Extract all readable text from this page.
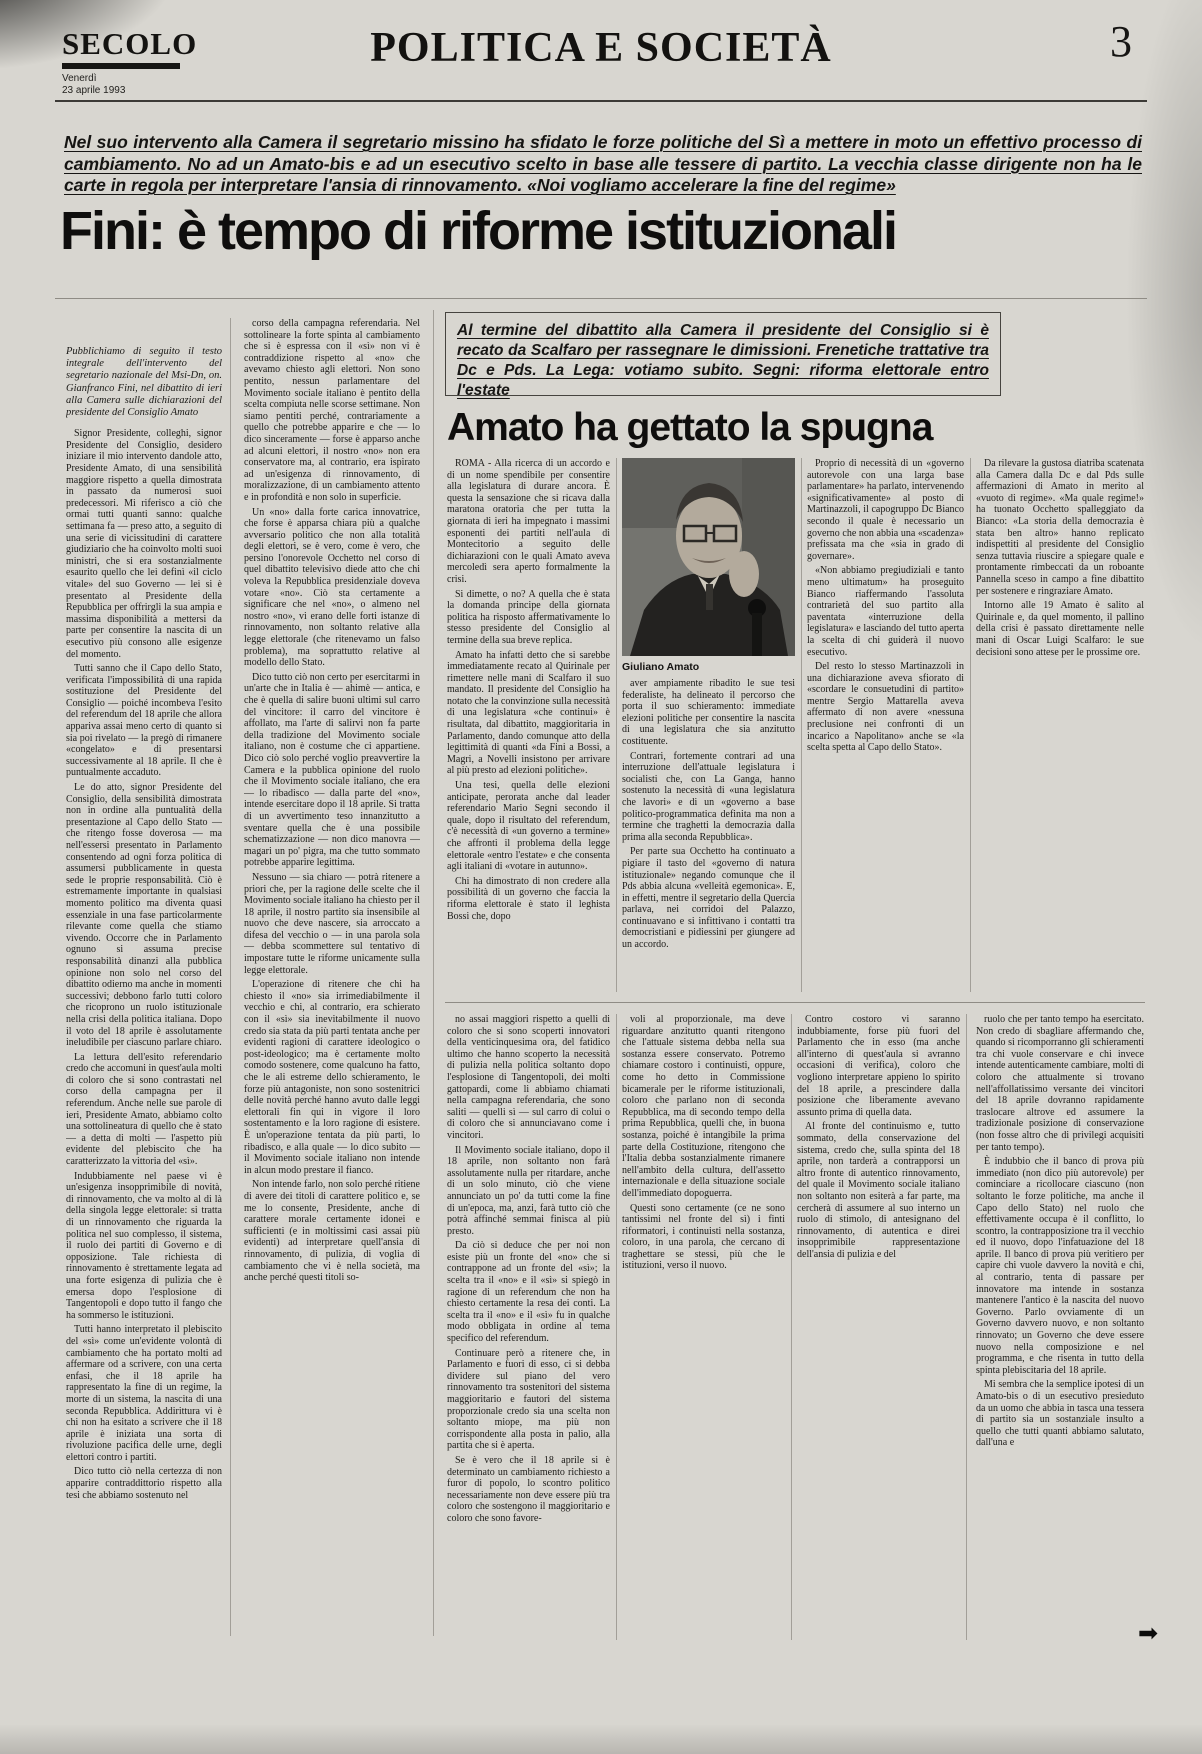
SECOLO
Venerdì
23 aprile 1993
POLITICA E SOCIETÀ	3

Nel suo intervento alla Camera il segretario missino ha sfidato le forze politiche del Sì a mettere in moto un effettivo processo di cambiamento. No ad un Amato-bis e ad un esecutivo scelto in base alle tessere di partito. La vecchia classe dirigente non ha le carte in regola per interpretare l'ansia di rinnovamento. «Noi vogliamo accelerare la fine del regime»

Fini: è tempo di riforme istituzionali

Pubblichiamo di seguito il testo integrale dell'intervento del segretario nazionale del Msi-Dn, on. Gianfranco Fini, nel dibattito di ieri alla Camera sulle dichiarazioni del presidente del Consiglio Amato

Signor Presidente, colleghi, signor Presidente del Consiglio, desidero iniziare il mio intervento dandole atto, Presidente Amato, di una sensibilità maggiore rispetto a quella dimostrata in passato da numerosi suoi predecessori. Mi riferisco a ciò che ormai tutti quanti sanno: qualche settimana fa — preso atto, a seguito di una serie di vicissitudini di carattere giudiziario che ha coinvolto molti suoi ministri, che si era sostanzialmente esaurito quello che lei definì «il ciclo vitale» del suo Governo — lei si è presentato al Presidente della Repubblica per offrirgli la sua ampia e massima disponibilità a mettersi da parte per consentire la nascita di un esecutivo più consono alle esigenze del momento.

Tutti sanno che il Capo dello Stato, verificata l'impossibilità di una rapida sostituzione del Presidente del Consiglio — poiché incombeva l'esito del referendum del 18 aprile che allora appariva assai meno certo di quanto si sia poi rivelato — la pregò di rimanere «congelato» e di presentarsi successivamente al 18 aprile. Il che è puntualmente accaduto.

Le do atto, signor Presidente del Consiglio, della sensibilità dimostrata non in ordine alla puntualità della presentazione al Capo dello Stato — che ritengo fosse doverosa — ma nell'essersi presentato in Parlamento consentendo ad ogni forza politica di assumersi pubblicamente in questa sede le proprie responsabilità. Ciò è estremamente importante in qualsiasi momento politico ma diventa quasi essenziale in una fase particolarmente rilevante come quella che stiamo vivendo. Occorre che in Parlamento ognuno si assuma precise responsabilità dinanzi alla pubblica opinione non solo nel corso del dibattito odierno ma anche in momenti successivi; debbono farlo tutti coloro che ricoprono un ruolo istituzionale nella crisi della politica italiana. Dopo il voto del 18 aprile è assolutamente ineludibile per ciascuno parlare chiaro.

La lettura dell'esito referendario credo che accomuni in quest'aula molti di coloro che si sono contrastati nel corso della campagna per il referendum. Anche nelle sue parole di ieri, Presidente Amato, abbiamo colto una sottolineatura di quello che è stato — a detta di molti — l'aspetto più evidente del plebiscito che ha caratterizzato la vittoria del «sì».

Indubbiamente nel paese vi è un'esigenza insopprimibile di novità, di rinnovamento, che va molto al di là della singola legge elettorale: si tratta di un rinnovamento che riguarda la politica nel suo complesso, il sistema, il ruolo dei partiti di Governo e di opposizione. Tale richiesta di rinnovamento è strettamente legata ad una forte esigenza di pulizia che è emersa dopo l'esplosione di Tangentopoli e dopo tutto il fango che ha sommerso le istituzioni.

Tutti hanno interpretato il plebiscito del «sì» come un'evidente volontà di cambiamento che ha portato molti ad affermare od a scrivere, con una certa enfasi, che il 18 aprile ha rappresentato la fine di un regime, la morte di un sistema, la nascita di una seconda Repubblica. Addirittura vi è chi non ha esitato a scrivere che il 18 aprile è iniziata una sorta di rivoluzione pacifica delle urne, degli elettori contro i partiti.

Dico tutto ciò nella certezza di non apparire contraddittorio rispetto alla tesi che abbiamo sostenuto nel

corso della campagna referendaria. Nel sottolineare la forte spinta al cambiamento che si è espressa con il «sì» non vi è contraddizione rispetto al «no» che avevamo chiesto agli elettori. Non sono pentito, nessun parlamentare del Movimento sociale italiano è pentito della scelta compiuta nelle scorse settimane. Non siamo pentiti perché, contrariamente a quello che potrebbe apparire e che — lo dico sinceramente — forse è apparso anche ad alcuni elettori, il nostro «no» non era conservatore ma, al contrario, era ispirato ad un'esigenza di rinnovamento, di moralizzazione, di un cambiamento attento e in profondità e non solo in superficie.

Un «no» dalla forte carica innovatrice, che forse è apparsa chiara più a qualche avversario politico che non alla totalità degli elettori, se è vero, come è vero, che persino l'onorevole Occhetto nel corso di quel dibattito televisivo diede atto che chi voleva la Repubblica presidenziale doveva votare «no». Ciò sta certamente a significare che nel «no», o almeno nel nostro «no», vi erano delle forti istanze di rinnovamento, non soltanto relative alla legge elettorale (che ritenevamo un falso problema), ma soprattutto relative al modello dello Stato.

Dico tutto ciò non certo per esercitarmi in un'arte che in Italia è — ahimè — antica, e che è quella di salire buoni ultimi sul carro del vincitore: il carro del vincitore è affollato, ma l'arte di salirvi non fa parte della tradizione del Movimento sociale italiano, non è costume che ci appartiene. Dico ciò solo perché voglio preavvertire la Camera e la pubblica opinione del ruolo che il Movimento sociale italiano, che era — lo ribadisco — dalla parte del «no», intende esercitare dopo il 18 aprile. Si tratta di un avvertimento teso innanzitutto a sventare quella che è una possibile schematizzazione — non dico manovra — magari un po' pigra, ma che tutto sommato potrebbe apparire legittima.

Nessuno — sia chiaro — potrà ritenere a priori che, per la ragione delle scelte che il Movimento sociale italiano ha chiesto per il 18 aprile, il nostro partito sia insensibile al nuovo che deve nascere, sia arroccato a difesa del vecchio o — in una parola sola — debba scommettere sul tentativo di impostare tutte le riforme unicamente sulla legge elettorale.

L'operazione di ritenere che chi ha chiesto il «no» sia irrimediabilmente il vecchio e chi, al contrario, era schierato con il «sì» sia inevitabilmente il nuovo credo sia stata da più parti tentata anche per evidenti ragioni di carattere ideologico o post-ideologico; ma è certamente molto comodo sostenere, come qualcuno ha fatto, che le ali estreme dello schieramento, le forze più antagoniste, non sono sostenitrici delle novità perché hanno avuto dalle leggi elettorali fin qui in vigore il loro sostentamento e la loro ragione di esistere. È un'operazione tentata da più parti, lo ribadisco, e alla quale — lo dico subito — il Movimento sociale italiano non intende in alcun modo prestare il fianco.

Non intende farlo, non solo perché ritiene di avere dei titoli di carattere politico e, se me lo consente, Presidente, anche di carattere morale certamente idonei e sufficienti (e in moltissimi casi assai più evidenti) ad interpretare quell'ansia di rinnovamento, di pulizia, di voglia di cambiamento che vi è nella società, ma anche perché questi titoli so-

Al termine del dibattito alla Camera il presidente del Consiglio si è recato da Scalfaro per rassegnare le dimissioni. Frenetiche trattative tra Dc e Pds. La Lega: votiamo subito. Segni: riforma elettorale entro l'estate
Amato ha gettato la spugna

ROMA - Alla ricerca di un accordo e di un nome spendibile per consentire alla legislatura di durare ancora. È questa la sensazione che si ricava dalla maratona oratoria che per tutta la giornata di ieri ha impegnato i massimi esponenti dei partiti nell'aula di Montecitorio a seguito delle dichiarazioni con le quali Amato aveva mercoledì sera aperto formalmente la crisi.

Si dimette, o no? A quella che è stata la domanda principe della giornata politica ha risposto affermativamente lo stesso presidente del Consiglio al termine della sua breve replica.

Amato ha infatti detto che si sarebbe immediatamente recato al Quirinale per rimettere nelle mani di Scalfaro il suo mandato. Il presidente del Consiglio ha notato che la convinzione sulla necessità di una legislatura «che continui» è risultata, dal dibattito, maggioritaria in Parlamento, dando comunque atto della legittimità di quanti «da Fini a Bossi, a Magri, a Novelli insistono per arrivare al più presto ad elezioni politiche».

Una tesi, quella delle elezioni anticipate, perorata anche dal leader referendario Mario Segni secondo il quale, dopo il risultato del referendum, c'è necessità di «un governo a termine» che affronti il problema della legge elettorale «entro l'estate» e che consenta agli italiani di «votare in autunno».

Chi ha dimostrato di non credere alla possibilità di un governo che faccia la riforma elettorale è stato il leghista Bossi che, dopo

Giuliano Amato

aver ampiamente ribadito le sue tesi federaliste, ha delineato il percorso che porta il suo schieramento: immediate elezioni politiche per consentire la nascita di una legislatura che sia anzitutto costituente.

Contrari, fortemente contrari ad una interruzione dell'attuale legislatura i socialisti che, con La Ganga, hanno sostenuto la necessità di «una legislatura che lavori» e di un «governo a base politico-programmatica definita ma non a termine che traghetti la democrazia dalla prima alla seconda Repubblica».

Per parte sua Occhetto ha continuato a pigiare il tasto del «governo di natura istituzionale» negando comunque che il Pds abbia alcuna «velleità egemonica». E, in effetti, mentre il segretario della Quercia parlava, nei corridoi del Palazzo, continuavano e si infittivano i contatti tra democristiani e pidiessini per giungere ad un accordo.

Proprio di necessità di un «governo autorevole con una larga base parlamentare» ha parlato, intervenendo «significativamente» al posto di Martinazzoli, il capogruppo Dc Bianco secondo il quale è necessario un governo che non abbia una «scadenza» prefissata ma che «sia in grado di governare».

«Non abbiamo pregiudiziali e tanto meno ultimatum» ha proseguito Bianco riaffermando l'assoluta contrarietà del suo partito alla paventata «interruzione della legislatura» e lasciando del tutto aperta la scelta di chi guiderà il nuovo esecutivo.

Del resto lo stesso Martinazzoli in una dichiarazione aveva sfiorato di «scordare le consuetudini di partito» mentre Sergio Mattarella aveva affermato di non avere «nessuna preclusione nei confronti di un incarico a Napolitano» anche se «la scelta spetta al Capo dello Stato».

Da rilevare la gustosa diatriba scatenata alla Camera dalla Dc e dal Pds sulle affermazioni di Amato in merito al «vuoto di regime». «Ma quale regime!» ha tuonato Occhetto spalleggiato da Bianco: «La storia della democrazia è stata ben altro» hanno replicato indispettiti al presidente del Consiglio senza tuttavia riuscire a spiegare quale e prontamente rimbeccati da un roboante Pannella sceso in campo a fine dibattito per sostenere e ringraziare Amato.

Intorno alle 19 Amato è salito al Quirinale e, da quel momento, il pallino della crisi è passato direttamente nelle mani di Oscar Luigi Scalfaro: le sue decisioni sono attese per le prossime ore.

no assai maggiori rispetto a quelli di coloro che si sono scoperti innovatori della venticinquesima ora, del fatidico ultimo che hanno scoperto la necessità di pulizia nella politica soltanto dopo l'esplosione di Tangentopoli, dei molti gattopardi, come li abbiamo chiamati nella campagna referendaria, che sono saliti — quelli sì — sul carro di colui o di coloro che si annunciavano come i vincitori.

Il Movimento sociale italiano, dopo il 18 aprile, non soltanto non farà assolutamente nulla per ritardare, anche di un solo minuto, ciò che viene annunciato un po' da tutti come la fine di un'epoca, ma, anzi, farà tutto ciò che potrà affinché semmai finisca al più presto.

Da ciò si deduce che per noi non esiste più un fronte del «no» che si contrappone ad un fronte del «sì»; la scelta tra il «no» e il «sì» si spiegò in ragione di un referendum che non ha chiesto certamente la resa dei conti. La scelta tra il «no» e il «sì» fu in qualche modo obbligata in ordine al tema specifico del referendum.

Continuare però a ritenere che, in Parlamento e fuori di esso, ci si debba dividere sul piano del vero rinnovamento tra sostenitori del sistema maggioritario e fautori del sistema proporzionale credo sia una scelta non soltanto miope, ma più non corrispondente alla posta in palio, alla partita che si è aperta.

Se è vero che il 18 aprile si è determinato un cambiamento richiesto a furor di popolo, lo scontro politico necessariamente non deve essere più tra coloro che sostengono il maggioritario e coloro che sono favore-

voli al proporzionale, ma deve riguardare anzitutto quanti ritengono che l'attuale sistema debba nella sua sostanza essere conservato. Potremo chiamare costoro i continuisti, oppure, come ho detto in Commissione bicamerale per le riforme istituzionali, coloro che parlano non di seconda Repubblica, ma di secondo tempo della prima Repubblica, quelli che, in buona sostanza, poiché è intangibile la prima parte della Costituzione, ritengono che l'Italia debba sostanzialmente rimanere nell'ambito della cultura, dell'assetto internazionale e della situazione sociale dell'immediato dopoguerra.

Questi sono certamente (ce ne sono tantissimi nel fronte del sì) i finti riformatori, i continuisti nella sostanza, coloro, in una parola, che cercano di traghettare se stessi, più che le istituzioni, verso il nuovo.

Contro costoro vi saranno indubbiamente, forse più fuori del Parlamento che in esso (ma anche all'interno di quest'aula si avranno occasioni di verifica), coloro che vogliono interpretare appieno lo spirito del 18 aprile, a prescindere dalla posizione che liberamente avevano assunto prima di quella data.

Al fronte del continuismo e, tutto sommato, della conservazione del sistema, credo che, sulla spinta del 18 aprile, non tarderà a contrapporsi un altro fronte di autentico rinnovamento, del quale il Movimento sociale italiano non soltanto non esiterà a far parte, ma cercherà di assumere al suo interno un ruolo di stimolo, di antesignano del rinnovamento, di autentica e direi insopprimibile rappresentazione dell'ansia di pulizia e del

ruolo che per tanto tempo ha esercitato. Non credo di sbagliare affermando che, quando si ricomporranno gli schieramenti tra chi vuole conservare e chi invece intende autenticamente cambiare, molti di coloro che attualmente si trovano nell'affollatissimo versante dei vincitori del 18 aprile dovranno rapidamente traslocare altrove ed assumere la tradizionale posizione di conservazione (non fosse altro che di privilegi acquisiti per tanto tempo).

È indubbio che il banco di prova più immediato (non dico più autorevole) per cominciare a ricollocare ciascuno (non soltanto le forze politiche, ma anche il Capo dello Stato) nel ruolo che effettivamente occupa è il conflitto, lo scontro, la contrapposizione tra il vecchio ed il nuovo, dopo l'infatuazione del 18 aprile. Il banco di prova più veritiero per capire chi vuole davvero la novità e chi, al contrario, tenta di passare per innovatore ma intende in sostanza mantenere l'antico è la nascita del nuovo Governo. Parlo ovviamente di un Governo davvero nuovo, e non soltanto rinnovato; un Governo che deve essere nuovo nella composizione e nel programma, e che risenta in tutto della spinta plebiscitaria del 18 aprile.

Mi sembra che la semplice ipotesi di un Amato-bis o di un esecutivo presieduto da un uomo che abbia in tasca una tessera di partito sia un sostanziale insulto a quello che tutti quanti abbiamo salutato, dall'una e

➡
